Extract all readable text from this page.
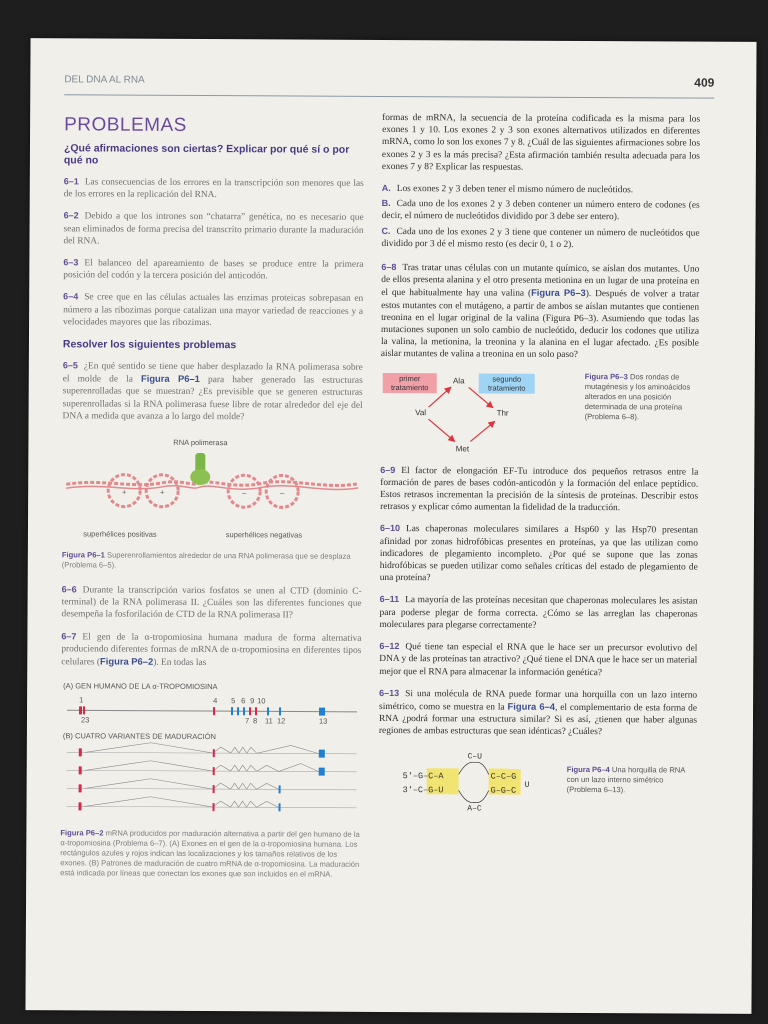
DEL DNA AL RNA	409
PROBLEMAS
¿Qué afirmaciones son ciertas? Explicar por qué sí o por qué no

6–1 Las consecuencias de los errores en la transcripción son menores que las de los errores en la replicación del RNA.

6–2 Debido a que los intrones son “chatarra” genética, no es necesario que sean eliminados de forma precisa del transcrito primario durante la maduración del RNA.

6–3 El balanceo del apareamiento de bases se produce entre la primera posición del codón y la tercera posición del anticodón.

6–4 Se cree que en las células actuales las enzimas proteicas sobrepasan en número a las ribozimas porque catalizan una mayor variedad de reacciones y a velocidades mayores que las ribozimas.

Resolver los siguientes problemas

6–5 ¿En qué sentido se tiene que haber desplazado la RNA polimerasa sobre el molde de la Figura P6–1 para haber generado las estructuras superenrolladas que se muestran? ¿Es previsible que se generen estructuras superenrolladas si la RNA polimerasa fuese libre de rotar alrededor del eje del DNA a medida que avanza a lo largo del molde?

RNA polimerasa
+	+	–	–
superhélices positivas	superhélices negativas

Figura P6–1 Superenrollamientos alrededor de una RNA polimerasa que se desplaza (Problema 6–5).

6–6 Durante la transcripción varios fosfatos se unen al CTD (dominio C-terminal) de la RNA polimerasa II. ¿Cuáles son las diferentes funciones que desempeña la fosforilación de CTD de la RNA polimerasa II?

6–7 El gen de la α-tropomiosina humana madura de forma alternativa produciendo diferentes formas de mRNA de α-tropomiosina en diferentes tipos celulares (Figura P6–2). En todas las

(A) GEN HUMANO DE LA α-TROPOMIOSINA
1	4 5 6 9 10
23	7 8 11 12	13
(B) CUATRO VARIANTES DE MADURACIÓN

Figura P6–2 mRNA producidos por maduración alternativa a partir del gen humano de la α-tropomiosina (Problema 6–7). (A) Exones en el gen de la α-tropomiosina humana. Los rectángulos azules y rojos indican las localizaciones y los tamaños relativos de los exones. (B) Patrones de maduración de cuatro mRNA de α-tropomiosina. La maduración está indicada por líneas que conectan los exones que son incluidos en el mRNA.

formas de mRNA, la secuencia de la proteína codificada es la misma para los exones 1 y 10. Los exones 2 y 3 son exones alternativos utilizados en diferentes mRNA, como lo son los exones 7 y 8. ¿Cuál de las siguientes afirmaciones sobre los exones 2 y 3 es la más precisa? ¿Esta afirmación también resulta adecuada para los exones 7 y 8? Explicar las respuestas.

A. Los exones 2 y 3 deben tener el mismo número de nucleótidos.

B. Cada uno de los exones 2 y 3 deben contener un número entero de codones (es decir, el número de nucleótidos dividido por 3 debe ser entero).

C. Cada uno de los exones 2 y 3 tiene que contener un número de nucleótidos que dividido por 3 dé el mismo resto (es decir 0, 1 o 2).

6–8 Tras tratar unas células con un mutante químico, se aíslan dos mutantes. Uno de ellos presenta alanina y el otro presenta metionina en un lugar de una proteína en el que habitualmente hay una valina (Figura P6–3). Después de volver a tratar estos mutantes con el mutágeno, a partir de ambos se aíslan mutantes que contienen treonina en el lugar original de la valina (Figura P6–3). Asumiendo que todas las mutaciones suponen un solo cambio de nucleótido, deducir los codones que utiliza la valina, la metionina, la treonina y la alanina en el lugar afectado. ¿Es posible aislar mutantes de valina a treonina en un solo paso?

primer
tratamiento
segundo
tratamiento
Ala
Val	Thr
Met

Figura P6–3 Dos rondas de mutagénesis y los aminoácidos alterados en una posición determinada de una proteína (Problema 6–8).

6–9 El factor de elongación EF-Tu introduce dos pequeños retrasos entre la formación de pares de bases codón-anticodón y la formación del enlace peptídico. Estos retrasos incrementan la precisión de la síntesis de proteínas. Describir estos retrasos y explicar cómo aumentan la fidelidad de la traducción.

6–10 Las chaperonas moleculares similares a Hsp60 y las Hsp70 presentan afinidad por zonas hidrofóbicas presentes en proteínas, ya que las utilizan como indicadores de plegamiento incompleto. ¿Por qué se supone que las zonas hidrofóbicas se pueden utilizar como señales críticas del estado de plegamiento de una proteína?

6–11 La mayoría de las proteínas necesitan que chaperonas moleculares les asistan para poderse plegar de forma correcta. ¿Cómo se las arreglan las chaperonas moleculares para plegarse correctamente?

6–12 Qué tiene tan especial el RNA que le hace ser un precursor evolutivo del DNA y de las proteínas tan atractivo? ¿Qué tiene el DNA que le hace ser un material mejor que el RNA para almacenar la información genética?

6–13 Si una molécula de RNA puede formar una horquilla con un lazo interno simétrico, como se muestra en la Figura 6–4, el complementario de esta forma de RNA ¿podrá formar una estructura similar? Si es así, ¿tienen que haber algunas regiones de ambas estructuras que sean idénticas? ¿Cuáles?

C–U
5'–G–C–A
3'–C–G–U
C–C–G
G–G–C
U
A–C

Figura P6–4 Una horquilla de RNA con un lazo interno simétrico (Problema 6–13).
